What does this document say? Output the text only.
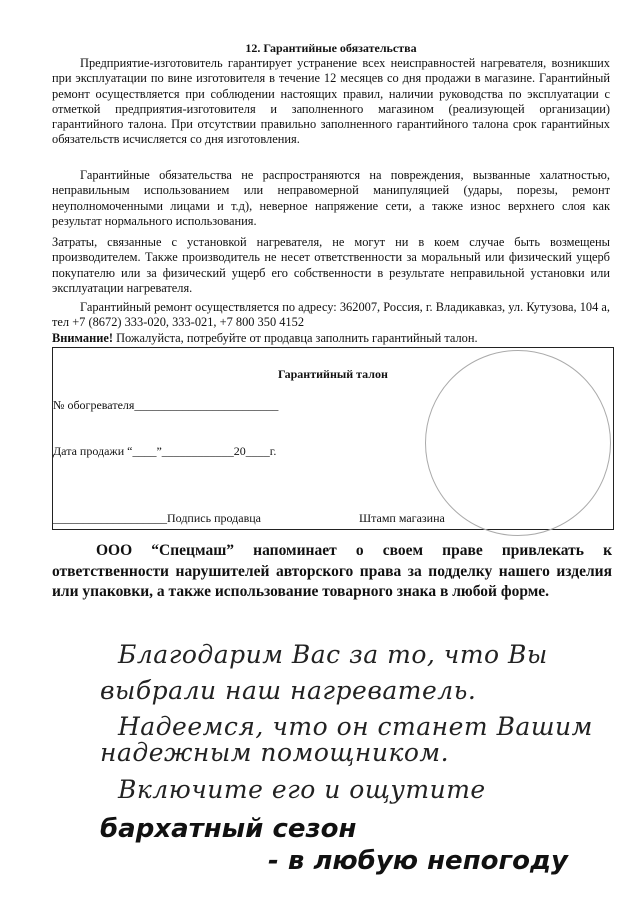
12. Гарантийные обязательства

Предприятие-изготовитель гарантирует устранение всех неисправностей нагревателя, возникших при эксплуатации по вине изготовителя в течение 12 месяцев со дня продажи в магазине. Гарантийный ремонт осуществляется при соблюдении настоящих правил, наличии руководства по эксплуатации с отметкой предприятия-изготовителя и заполненного магазином (реализующей организации) гарантийного талона. При отсутствии правильно заполненного гарантийного талона срок гарантийных обязательств исчисляется со дня изготовления.

Гарантийные обязательства не распространяются на повреждения, вызванные халатностью, неправильным использованием или неправомерной манипуляцией (удары, порезы, ремонт неуполномоченными лицами и т.д), неверное напряжение сети, а также износ верхнего слоя как результат нормального использования.

Затраты, связанные с установкой нагревателя, не могут ни в коем случае быть возмещены производителем. Также производитель не несет ответственности за моральный или физический ущерб покупателю или за физический ущерб его собственности в результате неправильной установки или эксплуатации нагревателя.

Гарантийный ремонт осуществляется по адресу: 362007, Россия, г. Владикавказ, ул. Кутузова, 104 а, тел +7 (8672) 333-020, 333-021, +7 800 350 4152

Внимание! Пожалуйста, потребуйте от продавца заполнить гарантийный талон.

Гарантийный талон
№ обогревателя________________________
Дата продажи “____”____________20____г.
___________________Подпись продавца	Штамп магазина

ООО “Спецмаш” напоминает о своем праве привлекать к ответственности нарушителей авторского права за подделку нашего изделия или упаковки, а также использование товарного знака в любой форме.

Благодарим Вас за то, что Вы
выбрали наш нагреватель.
Надеемся, что он станет Вашим
надежным помощником.
Включите его и ощутите
бархатный сезон
- в любую непогоду
